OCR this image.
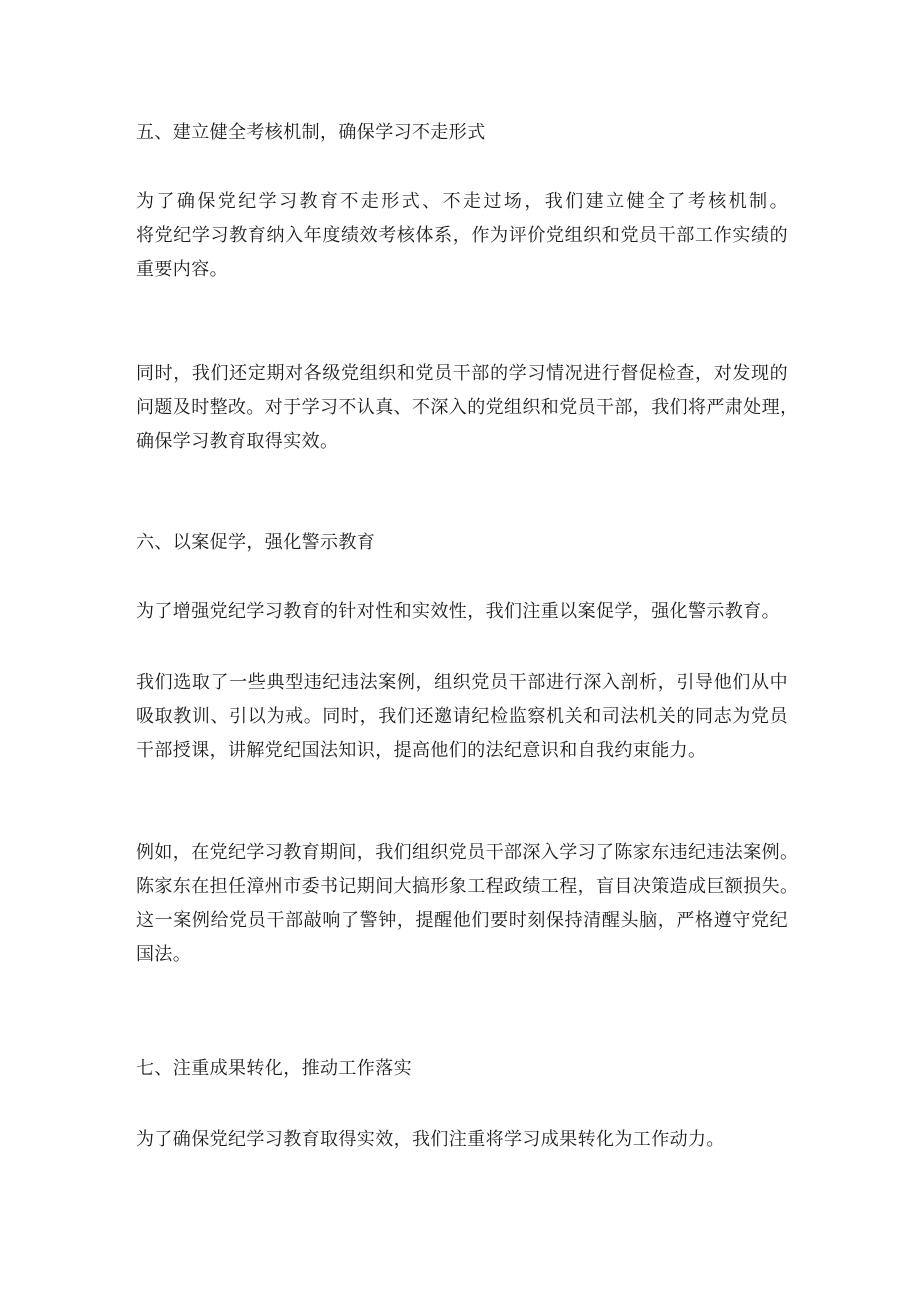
五、建立健全考核机制，确保学习不走形式

为了确保党纪学习教育不走形式、不走过场，我们建立健全了考核机制。
将党纪学习教育纳入年度绩效考核体系，作为评价党组织和党员干部工作实绩的
重要内容。

同时，我们还定期对各级党组织和党员干部的学习情况进行督促检查，对发现的
问题及时整改。对于学习不认真、不深入的党组织和党员干部，我们将严肃处理，
确保学习教育取得实效。

六、以案促学，强化警示教育

为了增强党纪学习教育的针对性和实效性，我们注重以案促学，强化警示教育。

我们选取了一些典型违纪违法案例，组织党员干部进行深入剖析，引导他们从中
吸取教训、引以为戒。同时，我们还邀请纪检监察机关和司法机关的同志为党员
干部授课，讲解党纪国法知识，提高他们的法纪意识和自我约束能力。

例如，在党纪学习教育期间，我们组织党员干部深入学习了陈家东违纪违法案例。
陈家东在担任漳州市委书记期间大搞形象工程政绩工程，盲目决策造成巨额损失。
这一案例给党员干部敲响了警钟，提醒他们要时刻保持清醒头脑，严格遵守党纪
国法。

七、注重成果转化，推动工作落实

为了确保党纪学习教育取得实效，我们注重将学习成果转化为工作动力。
